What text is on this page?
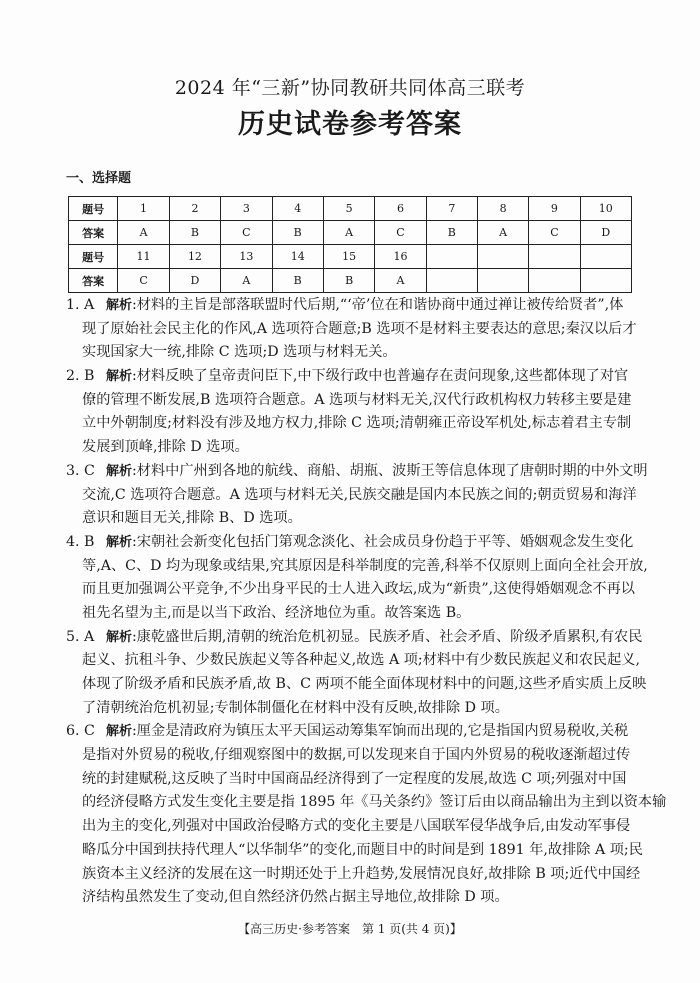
2024 年“三新”协同教研共同体高三联考
历史试卷参考答案
一、选择题
题号	1	2	3	4	5	6	7	8	9	10
答案	A	B	C	B	A	C	B	A	C	D
题号	11	12	13	14	15	16				
答案	C	D	A	B	B	A				
1. A 解析:材料的主旨是部落联盟时代后期,“‘帝’位在和谐协商中通过禅让被传给贤者”,体
现了原始社会民主化的作风,A 选项符合题意;B 选项不是材料主要表达的意思;秦汉以后才
实现国家大一统,排除 C 选项;D 选项与材料无关。
2. B 解析:材料反映了皇帝责问臣下,中下级行政中也普遍存在责问现象,这些都体现了对官
僚的管理不断发展,B 选项符合题意。A 选项与材料无关,汉代行政机构权力转移主要是建
立中外朝制度;材料没有涉及地方权力,排除 C 选项;清朝雍正帝设军机处,标志着君主专制
发展到顶峰,排除 D 选项。
3. C 解析:材料中广州到各地的航线、商船、胡瓶、波斯王等信息体现了唐朝时期的中外文明
交流,C 选项符合题意。A 选项与材料无关,民族交融是国内本民族之间的;朝贡贸易和海洋
意识和题目无关,排除 B、D 选项。
4. B 解析:宋朝社会新变化包括门第观念淡化、社会成员身份趋于平等、婚姻观念发生变化
等,A、C、D 均为现象或结果,究其原因是科举制度的完善,科举不仅原则上面向全社会开放,
而且更加强调公平竞争,不少出身平民的士人进入政坛,成为“新贵”,这使得婚姻观念不再以
祖先名望为主,而是以当下政治、经济地位为重。故答案选 B。
5. A 解析:康乾盛世后期,清朝的统治危机初显。民族矛盾、社会矛盾、阶级矛盾累积,有农民
起义、抗租斗争、少数民族起义等各种起义,故选 A 项;材料中有少数民族起义和农民起义,
体现了阶级矛盾和民族矛盾,故 B、C 两项不能全面体现材料中的问题,这些矛盾实质上反映
了清朝统治危机初显;专制体制僵化在材料中没有反映,故排除 D 项。
6. C 解析:厘金是清政府为镇压太平天国运动筹集军饷而出现的,它是指国内贸易税收,关税
是指对外贸易的税收,仔细观察图中的数据,可以发现来自于国内外贸易的税收逐渐超过传
统的封建赋税,这反映了当时中国商品经济得到了一定程度的发展,故选 C 项;列强对中国
的经济侵略方式发生变化主要是指 1895 年《马关条约》签订后由以商品输出为主到以资本输
出为主的变化,列强对中国政治侵略方式的变化主要是八国联军侵华战争后,由发动军事侵
略瓜分中国到扶持代理人“以华制华”的变化,而题目中的时间是到 1891 年,故排除 A 项;民
族资本主义经济的发展在这一时期还处于上升趋势,发展情况良好,故排除 B 项;近代中国经
济结构虽然发生了变动,但自然经济仍然占据主导地位,故排除 D 项。
【高三历史·参考答案　第 1 页(共 4 页)】
